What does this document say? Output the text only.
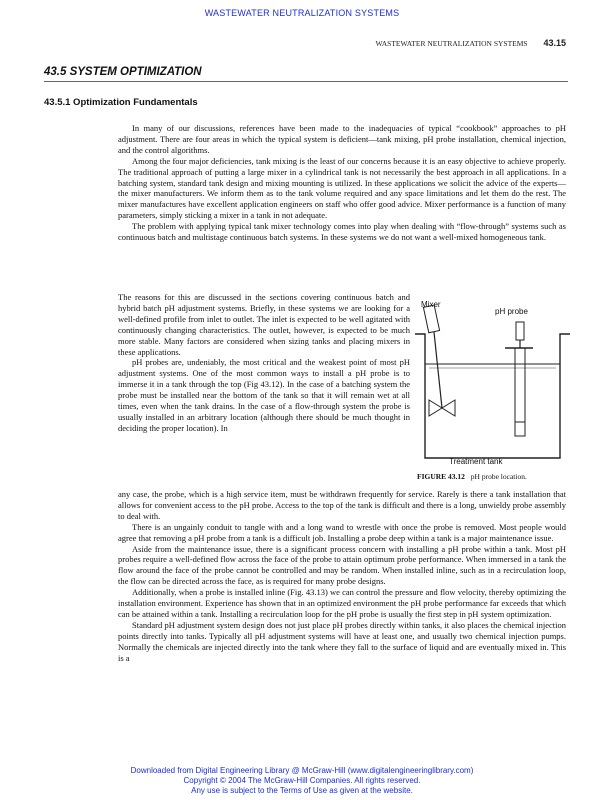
WASTEWATER NEUTRALIZATION SYSTEMS
WASTEWATER NEUTRALIZATION SYSTEMS 43.15
43.5 SYSTEM OPTIMIZATION
43.5.1 Optimization Fundamentals

In many of our discussions, references have been made to the inadequacies of typical “cookbook” approaches to pH adjustment. There are four areas in which the typical system is deficient—tank mixing, pH probe installation, chemical injection, and the control algorithms.

Among the four major deficiencies, tank mixing is the least of our concerns because it is an easy objective to achieve properly. The traditional approach of putting a large mixer in a cylindrical tank is not necessarily the best approach in all applications. In a batching system, standard tank design and mixing mounting is utilized. In these applications we solicit the advice of the experts—the mixer manufacturers. We inform them as to the tank volume required and any space limitations and let them do the rest. The mixer manufactures have excellent application engineers on staff who offer good advice. Mixer performance is a function of many parameters, simply sticking a mixer in a tank in not adequate.

The problem with applying typical tank mixer technology comes into play when dealing with “flow-through” systems such as continuous batch and multistage continuous batch systems. In these systems we do not want a well-mixed homogeneous tank.

The reasons for this are discussed in the sections covering continuous batch and hybrid batch pH adjustment systems. Briefly, in these systems we are looking for a well-defined profile from inlet to outlet. The inlet is expected to be well agitated with continuously changing characteristics. The outlet, however, is expected to be much more stable. Many factors are considered when sizing tanks and placing mixers in these applications.

pH probes are, undeniably, the most critical and the weakest point of most pH adjustment systems. One of the most common ways to install a pH probe is to immerse it in a tank through the top (Fig 43.12). In the case of a batching system the probe must be installed near the bottom of the tank so that it will remain wet at all times, even when the tank drains. In the case of a flow-through system the probe is usually installed in an arbitrary location (although there should be much thought in deciding the proper location). In

Mixer
pH probe
Treatment tank
FIGURE 43.12 pH probe location.

any case, the probe, which is a high service item, must be withdrawn frequently for service. Rarely is there a tank installation that allows for convenient access to the pH probe. Access to the top of the tank is difficult and there is a long, unwieldy probe assembly to deal with.

There is an ungainly conduit to tangle with and a long wand to wrestle with once the probe is removed. Most people would agree that removing a pH probe from a tank is a difficult job. Installing a probe deep within a tank is a major maintenance issue.

Aside from the maintenance issue, there is a significant process concern with installing a pH probe within a tank. Most pH probes require a well-defined flow across the face of the probe to attain optimum probe performance. When immersed in a tank the flow around the face of the probe cannot be controlled and may be random. When installed inline, such as in a recirculation loop, the flow can be directed across the face, as is required for many probe designs.

Additionally, when a probe is installed inline (Fig. 43.13) we can control the pressure and flow velocity, thereby optimizing the installation environment. Experience has shown that in an optimized environment the pH probe performance far exceeds that which can be attained within a tank. Installing a recirculation loop for the pH probe is usually the first step in pH system optimization.

Standard pH adjustment system design does not just place pH probes directly within tanks, it also places the chemical injection points directly into tanks. Typically all pH adjustment systems will have at least one, and usually two chemical injection pumps. Normally the chemicals are injected directly into the tank where they fall to the surface of liquid and are eventually mixed in. This is a

Downloaded from Digital Engineering Library @ McGraw-Hill (www.digitalengineeringlibrary.com)
Copyright © 2004 The McGraw-Hill Companies. All rights reserved.
Any use is subject to the Terms of Use as given at the website.
